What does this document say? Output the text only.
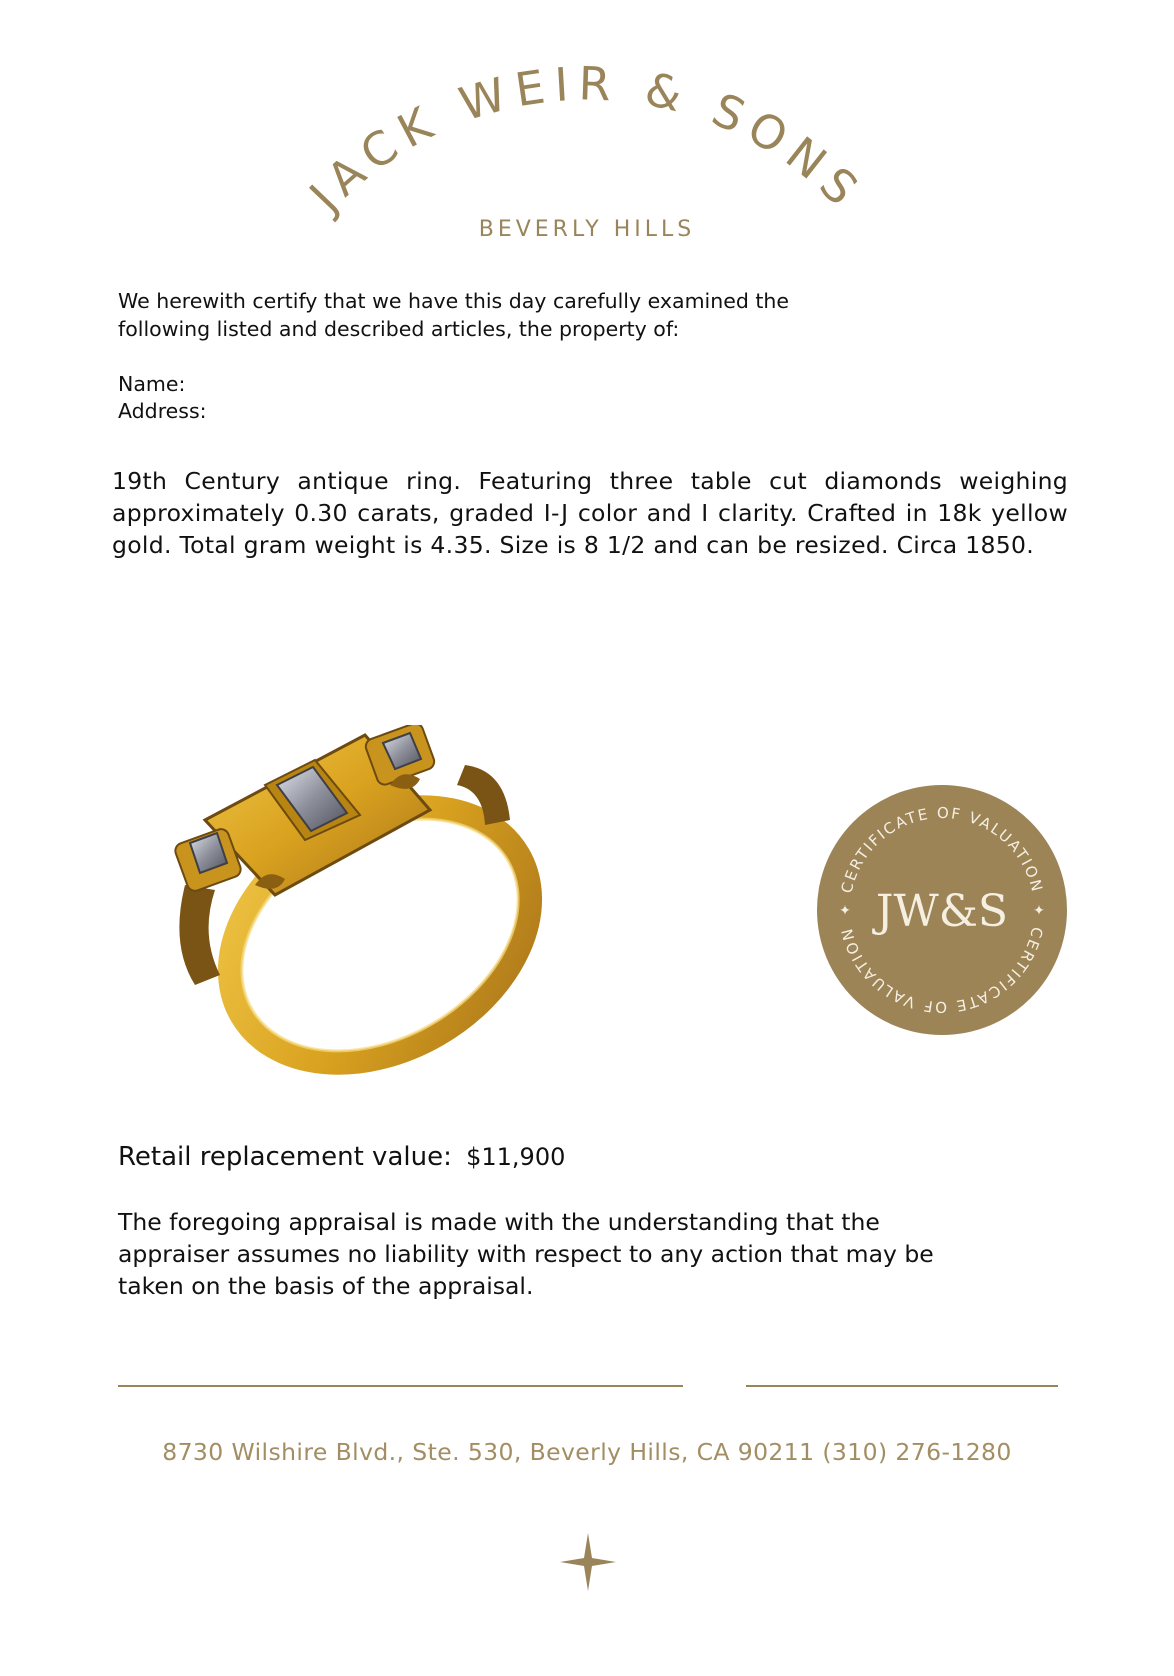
JACK WEIR & SONS
BEVERLY HILLS

We herewith certify that we have this day carefully examined the

following listed and described articles, the property of:

Name:
Address:
19th Century antique ring. Featuring three table cut diamonds weighing approximately 0.30 carats, graded I-J color and I clarity. Crafted in 18k yellow gold. Total gram weight is 4.35. Size is 8 1/2 and can be resized. Circa 1850.
CERTIFICATE OF VALUATION
CERTIFICATE OF VALUATION JW&S
✦	✦
Retail replacement value: $11,900
The foregoing appraisal is made with the understanding that the
appraiser assumes no liability with respect to any action that may be
taken on the basis of the appraisal.
8730 Wilshire Blvd., Ste. 530, Beverly Hills, CA 90211 (310) 276-1280
